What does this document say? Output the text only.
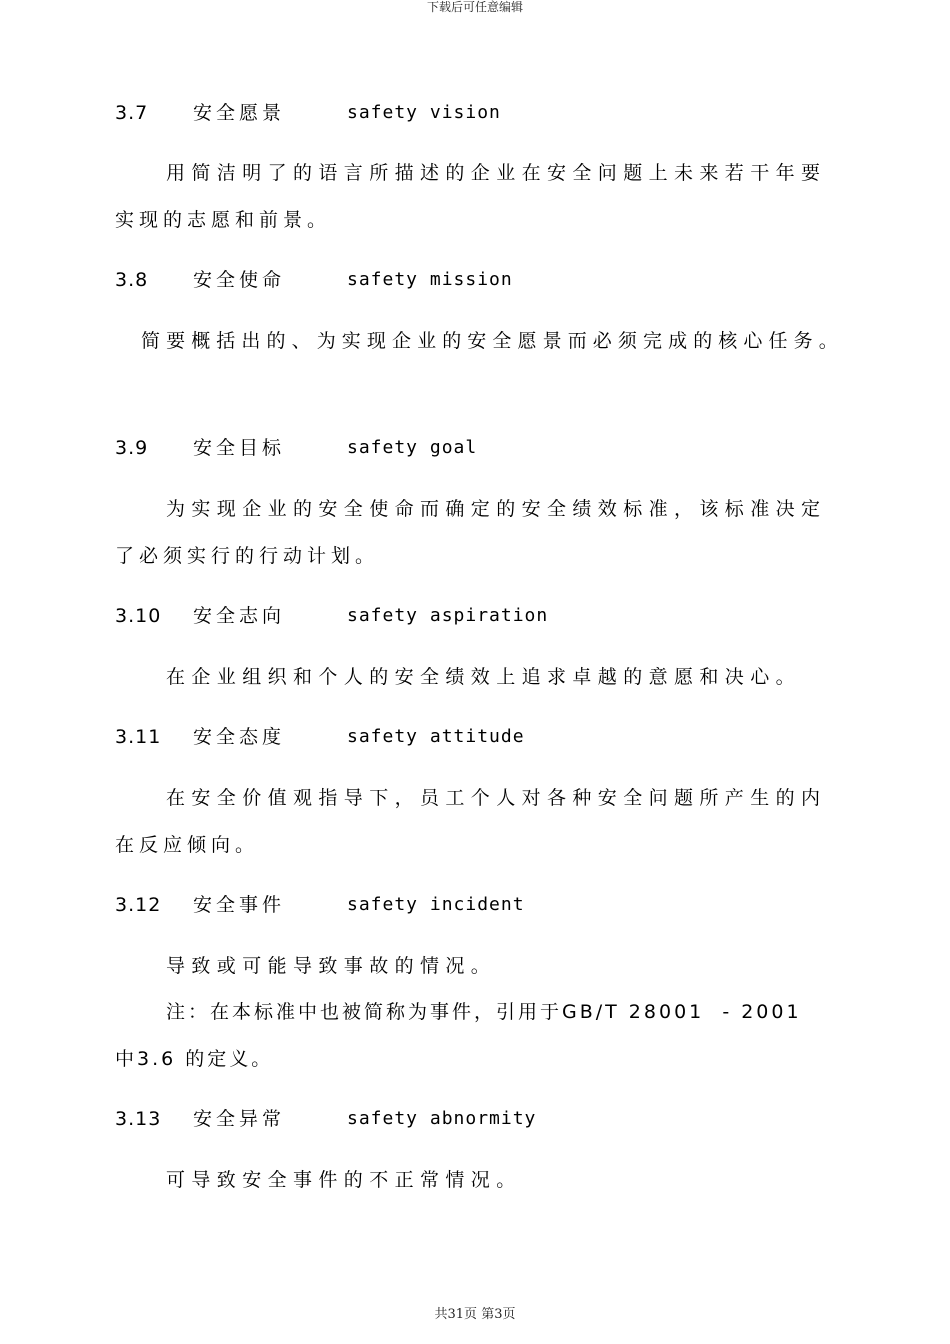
下载后可任意编辑
3.7 安全愿景	safety vision
用简洁明了的语言所描述的企业在安全问题上未来若干年要
实现的志愿和前景。
3.8 安全使命	safety mission
简要概括出的、为实现企业的安全愿景而必须完成的核心任务。
3.9 安全目标	safety goal
为实现企业的安全使命而确定的安全绩效标准，该标准决定
了必须实行的行动计划。
3.10 安全志向	safety aspiration
在企业组织和个人的安全绩效上追求卓越的意愿和决心。
3.11 安全态度	safety attitude
在安全价值观指导下，员工个人对各种安全问题所产生的内
在反应倾向。
3.12 安全事件	safety incident
导致或可能导致事故的情况。
注：在本标准中也被简称为事件，引用于GB/T 28001  - 2001
中3.6 的定义。
3.13 安全异常	safety abnormity
可导致安全事件的不正常情况。
共31页 第3页
